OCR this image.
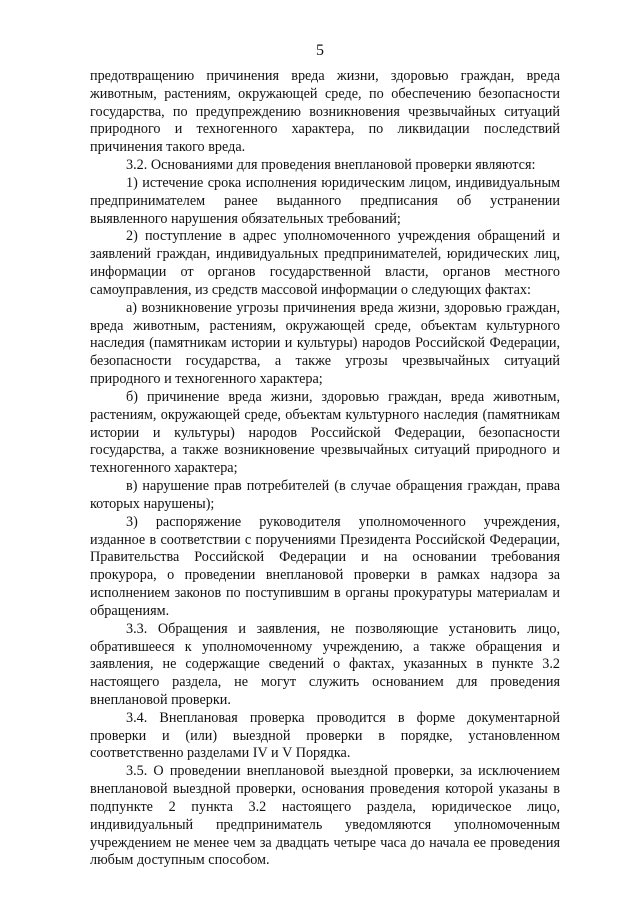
5

предотвращению причинения вреда жизни, здоровью граждан, вреда животным, растениям, окружающей среде, по обеспечению безопасности государства, по предупреждению возникновения чрезвычайных ситуаций природного и техногенного характера, по ликвидации последствий причинения такого вреда.

3.2. Основаниями для проведения внеплановой проверки являются:

1) истечение срока исполнения юридическим лицом, индивидуальным предпринимателем ранее выданного предписания об устранении выявленного нарушения обязательных требований;

2) поступление в адрес уполномоченного учреждения обращений и заявлений граждан, индивидуальных предпринимателей, юридических лиц, информации от органов государственной власти, органов местного самоуправления, из средств массовой информации о следующих фактах:

а) возникновение угрозы причинения вреда жизни, здоровью граждан, вреда животным, растениям, окружающей среде, объектам культурного наследия (памятникам истории и культуры) народов Российской Федерации, безопасности государства, а также угрозы чрезвычайных ситуаций природного и техногенного характера;

б) причинение вреда жизни, здоровью граждан, вреда животным, растениям, окружающей среде, объектам культурного наследия (памятникам истории и культуры) народов Российской Федерации, безопасности государства, а также возникновение чрезвычайных ситуаций природного и техногенного характера;

в) нарушение прав потребителей (в случае обращения граждан, права которых нарушены);

3) распоряжение руководителя уполномоченного учреждения, изданное в соответствии с поручениями Президента Российской Федерации, Правительства Российской Федерации и на основании требования прокурора, о проведении внеплановой проверки в рамках надзора за исполнением законов по поступившим в органы прокуратуры материалам и обращениям.

3.3. Обращения и заявления, не позволяющие установить лицо, обратившееся к уполномоченному учреждению, а также обращения и заявления, не содержащие сведений о фактах, указанных в пункте 3.2 настоящего раздела, не могут служить основанием для проведения внеплановой проверки.

3.4. Внеплановая проверка проводится в форме документарной проверки и (или) выездной проверки в порядке, установленном соответственно разделами IV и V Порядка.

3.5. О проведении внеплановой выездной проверки, за исключением внеплановой выездной проверки, основания проведения которой указаны в подпункте 2 пункта 3.2 настоящего раздела, юридическое лицо, индивидуальный предприниматель уведомляются уполномоченным учреждением не менее чем за двадцать четыре часа до начала ее проведения любым доступным способом.
